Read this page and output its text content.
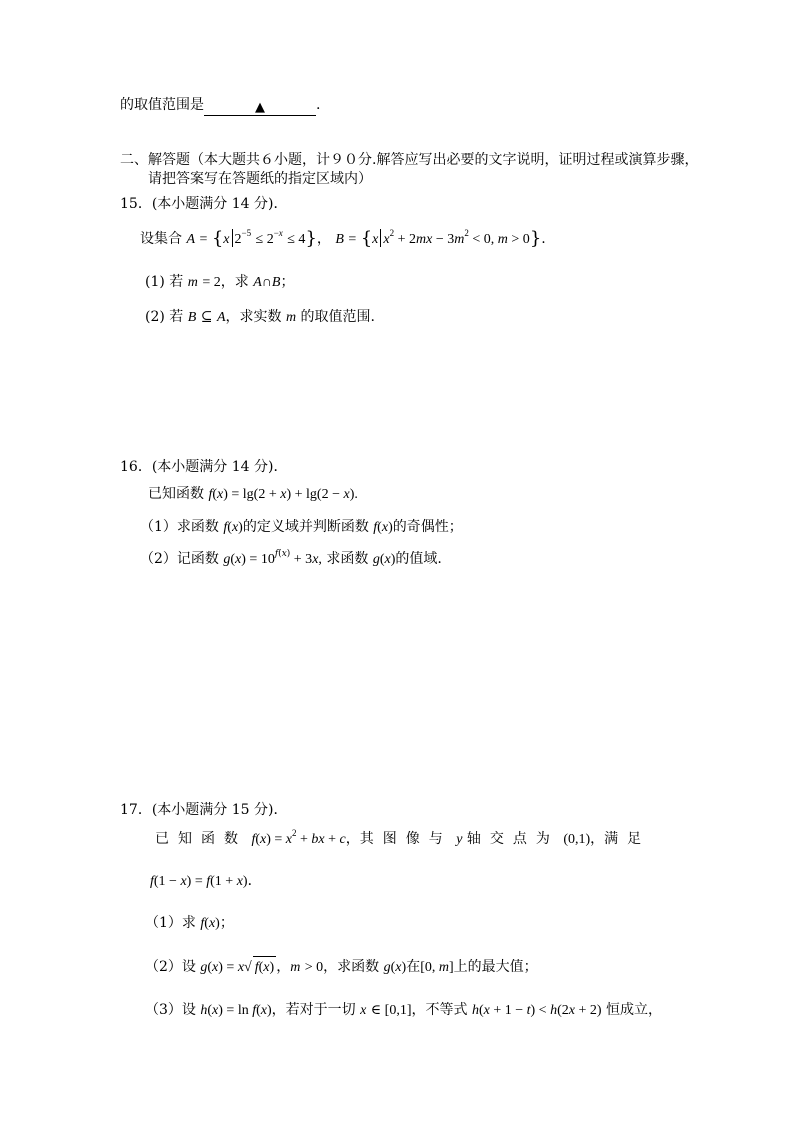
的取值范围是	▲	.
二、解答题（本大题共６小题，计９０分.解答应写出必要的文字说明，证明过程或演算步骤，
请把答案写在答题纸的指定区域内）
15．(本小题满分 14 分)．
设集合 A = {x $2^{-5} \le 2^{-x} \le 4$}， B = {x $x^2 + 2mx - 3m^2 < 0$, m > 0}.
(1) 若 m = 2，求 A∩B；
(2) 若 B ⊆ A，求实数 m 的取值范围.
16．(本小题满分 14 分)．
已知函数 f(x) = lg(2 + x) + lg(2 − x).
（1）求函数 f(x)的定义域并判断函数 f(x)的奇偶性；
（2）记函数 $g(x) = 10^{f(x)} + 3x$, 求函数 g(x)的值域.
17．(本小题满分 15 分)．
已知函数 $f(x) = x^2$ + bx + c，其图像与 y 轴交点为 (0,1)，满足
f(1 − x) = f(1 + x)．
（1）求 f(x)；
（2）设 g(x) = x√ f(x) ，m > 0，求函数 g(x)在[0, m]上的最大值；
（3）设 h(x) = ln f(x)，若对于一切 x ∈ [0,1]，不等式 h(x + 1 − t) < h(2x + 2) 恒成立，
